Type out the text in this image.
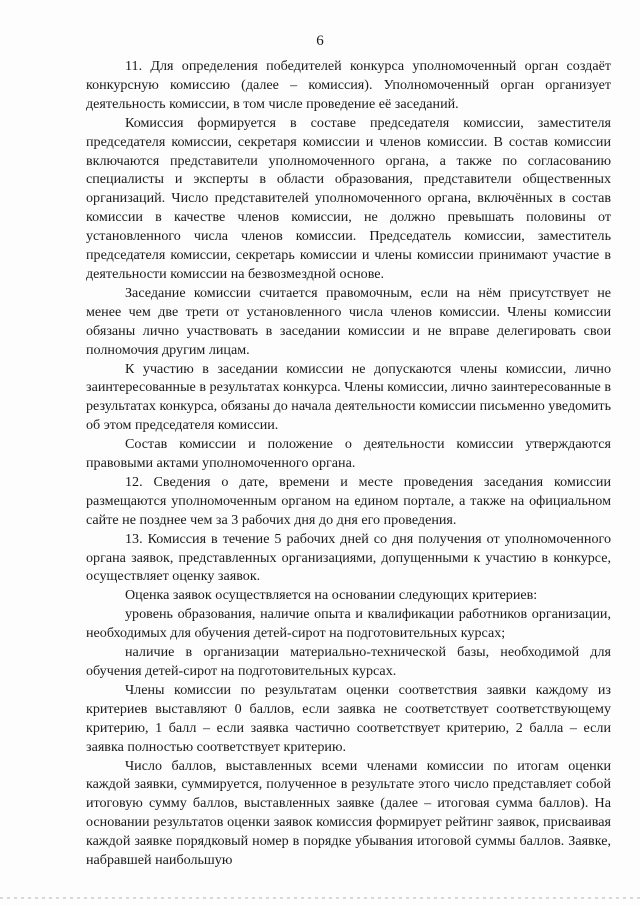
6

11. Для определения победителей конкурса уполномоченный орган создаёт конкурсную комиссию (далее – комиссия). Уполномоченный орган организует деятельность комиссии, в том числе проведение её заседаний.

Комиссия формируется в составе председателя комиссии, заместителя председателя комиссии, секретаря комиссии и членов комиссии. В состав комиссии включаются представители уполномоченного органа, а также по согласованию специалисты и эксперты в области образования, представители общественных организаций. Число представителей уполномоченного органа, включённых в состав комиссии в качестве членов комиссии, не должно превышать половины от установленного числа членов комиссии. Председатель комиссии, заместитель председателя комиссии, секретарь комиссии и члены комиссии принимают участие в деятельности комиссии на безвозмездной основе.

Заседание комиссии считается правомочным, если на нём присутствует не менее чем две трети от установленного числа членов комиссии. Члены комиссии обязаны лично участвовать в заседании комиссии и не вправе делегировать свои полномочия другим лицам.

К участию в заседании комиссии не допускаются члены комиссии, лично заинтересованные в результатах конкурса. Члены комиссии, лично заинтересованные в результатах конкурса, обязаны до начала деятельности комиссии письменно уведомить об этом председателя комиссии.

Состав комиссии и положение о деятельности комиссии утверждаются правовыми актами уполномоченного органа.

12. Сведения о дате, времени и месте проведения заседания комиссии размещаются уполномоченным органом на едином портале, а также на официальном сайте не позднее чем за 3 рабочих дня до дня его проведения.

13. Комиссия в течение 5 рабочих дней со дня получения от уполномоченного органа заявок, представленных организациями, допущенными к участию в конкурсе, осуществляет оценку заявок.

Оценка заявок осуществляется на основании следующих критериев:

уровень образования, наличие опыта и квалификации работников организации, необходимых для обучения детей-сирот на подготовительных курсах;

наличие в организации материально-технической базы, необходимой для обучения детей-сирот на подготовительных курсах.

Члены комиссии по результатам оценки соответствия заявки каждому из критериев выставляют 0 баллов, если заявка не соответствует соответствующему критерию, 1 балл – если заявка частично соответствует критерию, 2 балла – если заявка полностью соответствует критерию.

Число баллов, выставленных всеми членами комиссии по итогам оценки каждой заявки, суммируется, полученное в результате этого число представляет собой итоговую сумму баллов, выставленных заявке (далее – итоговая сумма баллов). На основании результатов оценки заявок комиссия формирует рейтинг заявок, присваивая каждой заявке порядковый номер в порядке убывания итоговой суммы баллов. Заявке, набравшей наибольшую
